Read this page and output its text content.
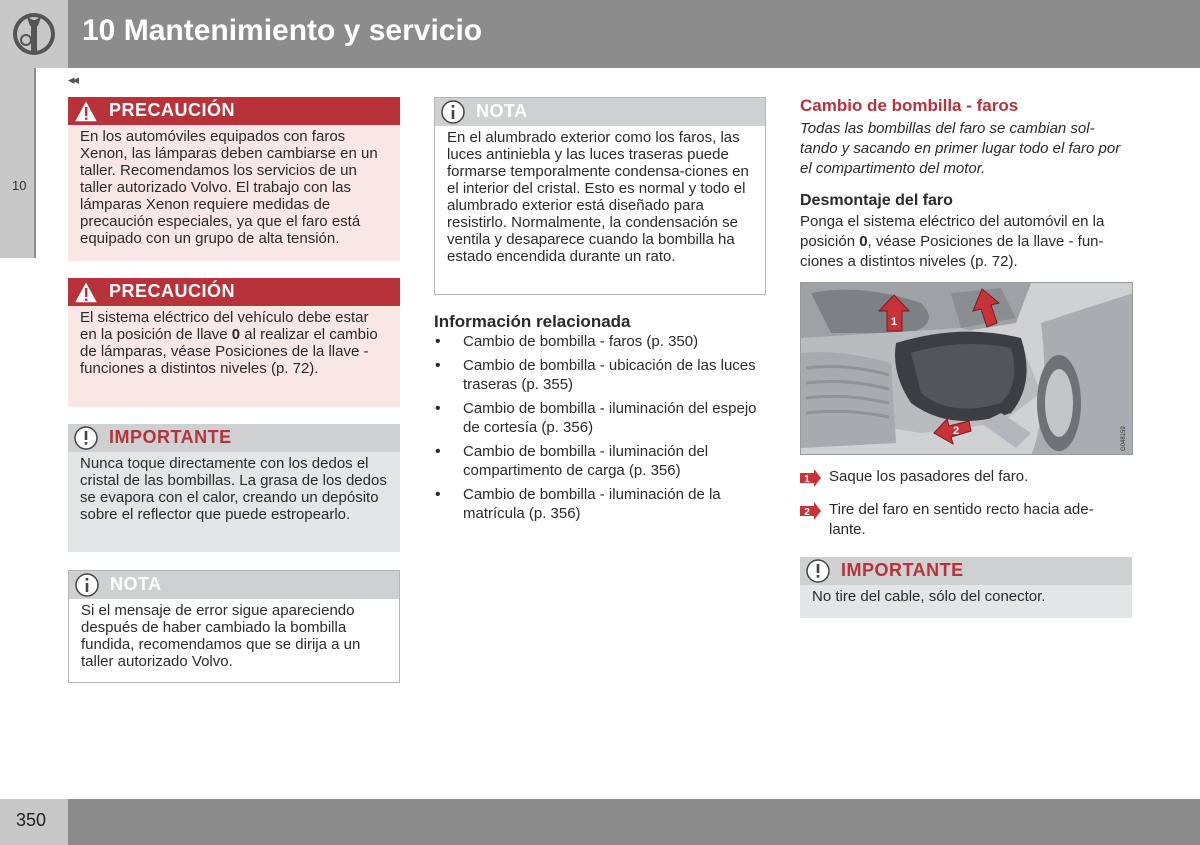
10 Mantenimiento y servicio
◂◂
10
PRECAUCIÓN
En los automóviles equipados con faros Xenon, las lámparas deben cambiarse en un taller. Recomendamos los servicios de un taller autorizado Volvo. El trabajo con las lámparas Xenon requiere medidas de precaución especiales, ya que el faro está equipado con un grupo de alta tensión.
PRECAUCIÓN
El sistema eléctrico del vehículo debe estar en la posición de llave 0 al realizar el cambio de lámparas, véase Posiciones de la llave - funciones a distintos niveles (p. 72).
IMPORTANTE
Nunca toque directamente con los dedos el cristal de las bombillas. La grasa de los dedos se evapora con el calor, creando un depósito sobre el reflector que puede estropearlo.
NOTA
Si el mensaje de error sigue apareciendo después de haber cambiado la bombilla fundida, recomendamos que se dirija a un taller autorizado Volvo.
NOTA
En el alumbrado exterior como los faros, las luces antiniebla y las luces traseras puede formarse temporalmente condensa-ciones en el interior del cristal. Esto es normal y todo el alumbrado exterior está diseñado para resistirlo. Normalmente, la condensación se ventila y desaparece cuando la bombilla ha estado encendida durante un rato.
Información relacionada
• Cambio de bombilla - faros (p. 350)
• Cambio de bombilla - ubicación de las luces traseras (p. 355)
• Cambio de bombilla - iluminación del espejo de cortesía (p. 356)
• Cambio de bombilla - iluminación del compartimento de carga (p. 356)
• Cambio de bombilla - iluminación de la matrícula (p. 356)
Cambio de bombilla - faros
Todas las bombillas del faro se cambian sol-tando y sacando en primer lugar todo el faro por el compartimento del motor.
Desmontaje del faro
Ponga el sistema eléctrico del automóvil en la posición 0, véase Posiciones de la llave - fun-ciones a distintos niveles (p. 72).
1
2	G048159
1 Saque los pasadores del faro.
2 Tire del faro en sentido recto hacia ade-lante.
IMPORTANTE
No tire del cable, sólo del conector.
350
